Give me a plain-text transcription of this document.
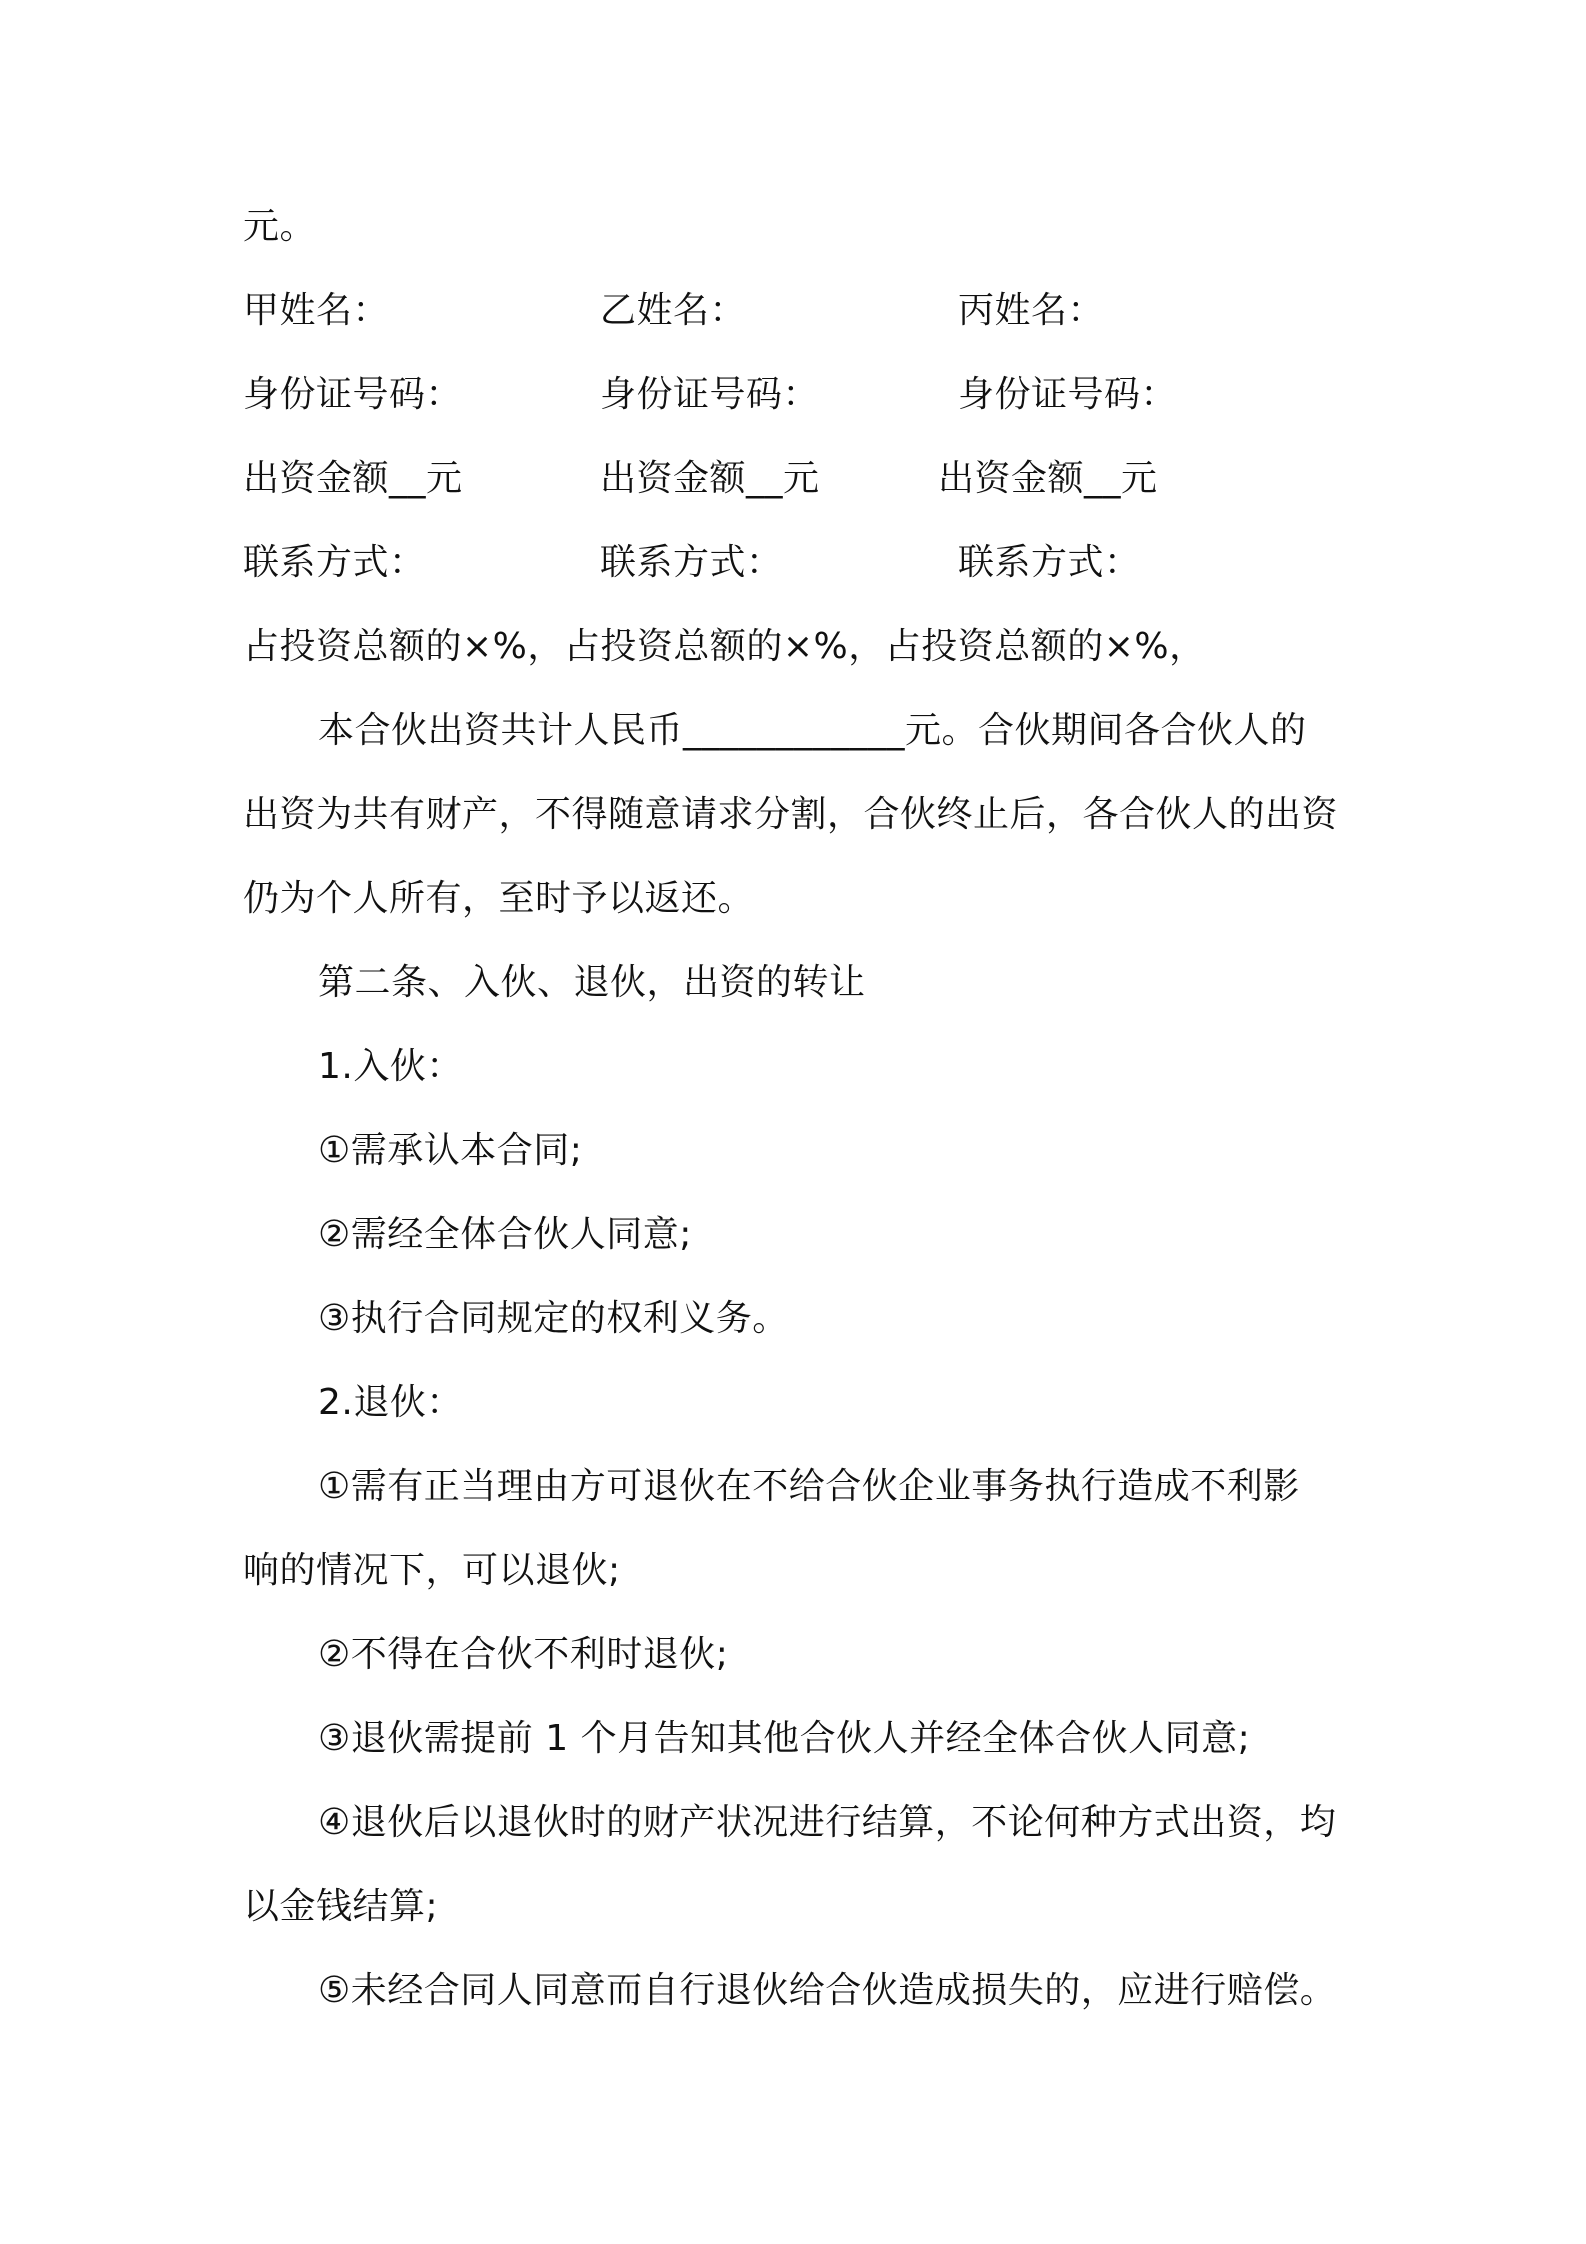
元。
甲姓名：	乙姓名：	丙姓名：
身份证号码：	身份证号码：	身份证号码：
出资金额__元	出资金额__元	出资金额__元
联系方式：	联系方式：	联系方式：
占投资总额的×%，占投资总额的×%，占投资总额的×%，
本合伙出资共计人民币____________元。合伙期间各合伙人的
出资为共有财产，不得随意请求分割，合伙终止后，各合伙人的出资
仍为个人所有，至时予以返还。
第二条、入伙、退伙，出资的转让
1.入伙：
①需承认本合同;
②需经全体合伙人同意;
③执行合同规定的权利义务。
2.退伙：
①需有正当理由方可退伙在不给合伙企业事务执行造成不利影
响的情况下，可以退伙;
②不得在合伙不利时退伙;
③退伙需提前 1 个月告知其他合伙人并经全体合伙人同意;
④退伙后以退伙时的财产状况进行结算，不论何种方式出资，均
以金钱结算;
⑤未经合同人同意而自行退伙给合伙造成损失的，应进行赔偿。
